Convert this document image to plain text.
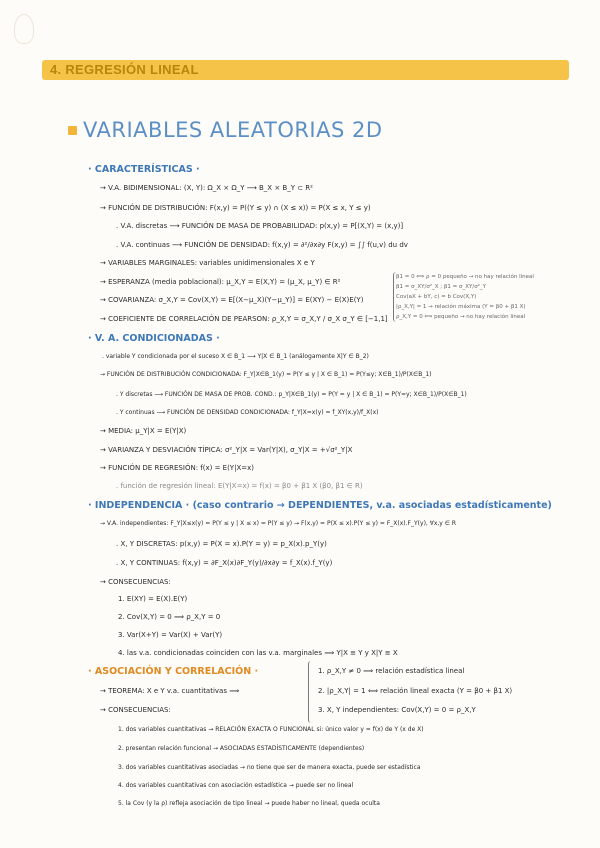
4. REGRESIÓN LINEAL
VARIABLES ALEATORIAS 2D
· CARACTERÍSTICAS ·
→ V.A. BIDIMENSIONAL: (X, Y): Ω_X × Ω_Y ⟶ B_X × B_Y ⊂ R²
→ FUNCIÓN DE DISTRIBUCIÓN: F(x,y) = P((Y ≤ y) ∩ (X ≤ x)) = P(X ≤ x, Y ≤ y)
. V.A. discretas ⟶ FUNCIÓN DE MASA DE PROBABILIDAD: p(x,y) = P[(X,Y) = (x,y)]
. V.A. continuas ⟶ FUNCIÓN DE DENSIDAD: f(x,y) = ∂²/∂x∂y F(x,y) = ∫∫ f(u,v) du dv
→ VARIABLES MARGINALES: variables unidimensionales X e Y
→ ESPERANZA (media poblacional): μ_X,Y = E(X,Y) = (μ_X, μ_Y) ∈ R²
→ COVARIANZA: σ_X,Y = Cov(X,Y) = E[(X−μ_X)(Y−μ_Y)] = E(XY) − E(X)E(Y)
→ COEFICIENTE DE CORRELACIÓN DE PEARSON: ρ_X,Y = σ_X,Y / σ_X σ_Y ∈ [−1,1]
β1 = 0 ⟺ ρ = 0 pequeño → no hay relación lineal
β1 = σ_XY/σ²_X ; β1 = σ_XY/σ²_Y
Cov(aX + bY, c) = b Cov(X,Y)
|ρ_X,Y| = 1 → relación máxima (Y = β0 + β1 X)
ρ_X,Y = 0 ⟺ pequeño → no hay relación lineal
· V. A. CONDICIONADAS ·
. variable Y condicionada por el suceso X ∈ B_1 ⟶ Y|X ∈ B_1 (análogamente X|Y ∈ B_2)
→ FUNCIÓN DE DISTRIBUCIÓN CONDICIONADA: F_Y|X∈B_1(y) = P(Y ≤ y | X ∈ B_1) = P(Y≤y; X∈B_1)/P(X∈B_1)
. Y discretas ⟶ FUNCIÓN DE MASA DE PROB. COND.: p_Y|X∈B_1(y) = P(Y = y | X ∈ B_1) = P(Y=y; X∈B_1)/P(X∈B_1)
. Y continuas ⟶ FUNCIÓN DE DENSIDAD CONDICIONADA: f_Y|X=x(y) = f_XY(x,y)/f_X(x)
→ MEDIA: μ_Y|X = E(Y|X)
→ VARIANZA Y DESVIACIÓN TÍPICA: σ²_Y|X = Var(Y|X), σ_Y|X = +√σ²_Y|X
→ FUNCIÓN DE REGRESIÓN: f(x) = E(Y|X=x)
. función de regresión lineal: E(Y|X=x) = f(x) = β0 + β1 X (β0, β1 ∈ R)
· INDEPENDENCIA · (caso contrario → DEPENDIENTES, v.a. asociadas estadísticamente)
→ V.A. independientes: F_Y|X≤x(y) = P(Y ≤ y | X ≤ x) = P(Y ≤ y) → F(x,y) = P(X ≤ x).P(Y ≤ y) = F_X(x).F_Y(y), ∀x,y ∈ R
. X, Y DISCRETAS: p(x,y) = P(X = x).P(Y = y) = p_X(x).p_Y(y)
. X, Y CONTINUAS: f(x,y) = ∂F_X(x)∂F_Y(y)/∂x∂y = f_X(x).f_Y(y)
→ CONSECUENCIAS:
1. E(XY) = E(X).E(Y)
2. Cov(X,Y) = 0 ⟹ ρ_X,Y = 0
3. Var(X+Y) = Var(X) + Var(Y)
4. las v.a. condicionadas coinciden con las v.a. marginales ⟹ Y|X ≡ Y y X|Y ≡ X
· ASOCIACIÓN Y CORRELACIÓN ·
→ TEOREMA: X e Y v.a. cuantitativas ⟹
1. ρ_X,Y ≠ 0 ⟹ relación estadística lineal
2. |ρ_X,Y| = 1 ⟺ relación lineal exacta (Y = β0 + β1 X)
→ CONSECUENCIAS:	3. X, Y independientes: Cov(X,Y) = 0 = ρ_X,Y
1. dos variables cuantitativas → RELACIÓN EXACTA O FUNCIONAL si: único valor y = f(x) de Y (x de X)
2. presentan relación funcional → ASOCIADAS ESTADÍSTICAMENTE (dependientes)
3. dos variables cuantitativas asociadas → no tiene que ser de manera exacta, puede ser estadística
4. dos variables cuantitativas con asociación estadística → puede ser no lineal
5. la Cov (y la ρ) refleja asociación de tipo lineal → puede haber no lineal, queda oculta
